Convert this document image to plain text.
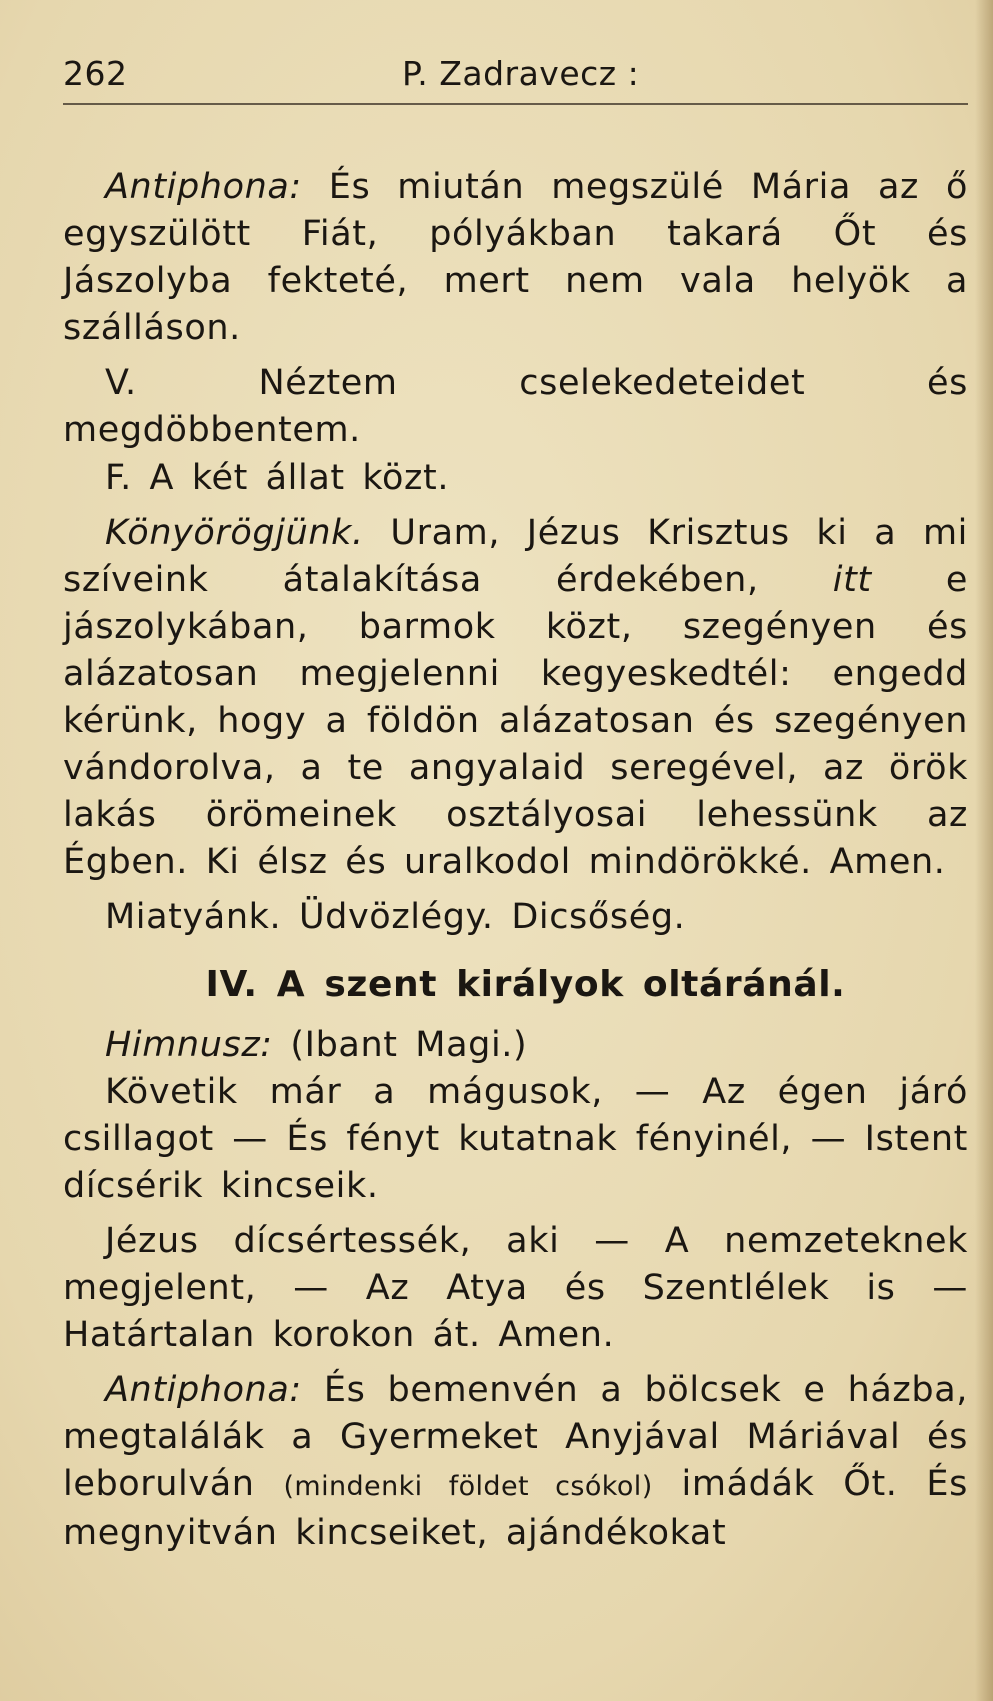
262	P. Zadravecz :

Antiphona: És miután megszülé Mária az ő egyszülött Fiát, pólyákban takará Őt és Jászolyba fekteté, mert nem vala helyök a szálláson.

V. Néztem cselekedeteidet és megdöbbentem.

F. A két állat közt.

Könyörögjünk. Uram, Jézus Krisztus ki a mi szíveink átalakítása érdekében, itt e jászolykában, barmok közt, szegényen és alázatosan megjelenni kegyeskedtél: engedd kérünk, hogy a földön alázatosan és szegényen vándorolva, a te angyalaid seregével, az örök lakás örömeinek osztályosai lehessünk az Égben. Ki élsz és uralkodol mindörökké. Amen.

Miatyánk. Üdvözlégy. Dicsőség.

IV. A szent királyok oltáránál.

Himnusz: (Ibant Magi.)

Követik már a mágusok, — Az égen járó csillagot — És fényt kutatnak fényinél, — Istent dícsérik kincseik.

Jézus dícsértessék, aki — A nemzeteknek megjelent, — Az Atya és Szentlélek is — Határtalan korokon át. Amen.

Antiphona: És bemenvén a bölcsek e házba, megtalálák a Gyermeket Anyjával Máriával és leborulván (mindenki földet csókol) imádák Őt. És megnyitván kincseiket, ajándékokat
